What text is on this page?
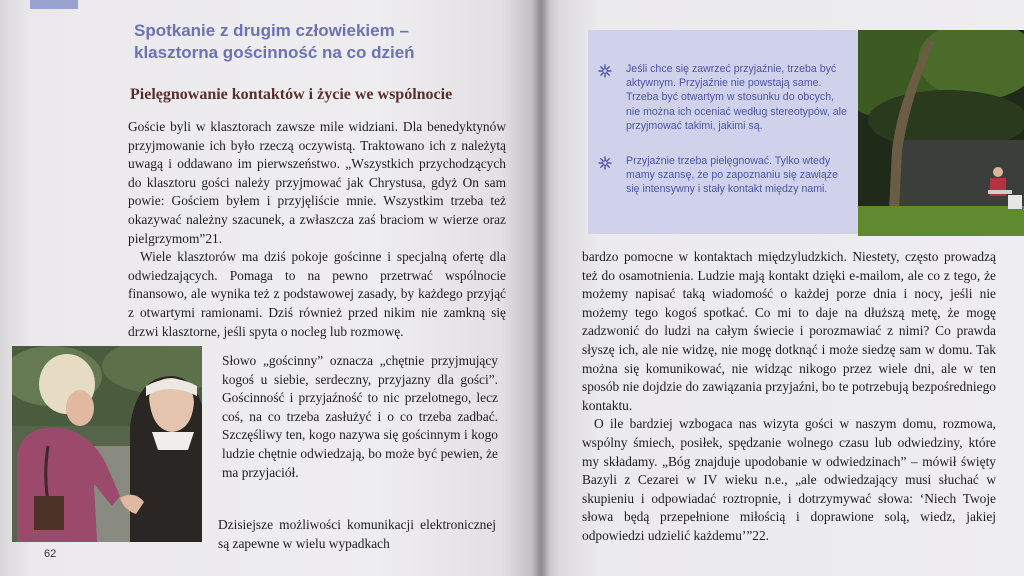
Spotkanie z drugim człowiekiem –
klasztorna gościnność na co dzień
Pielęgnowanie kontaktów i życie we wspólnocie

Goście byli w klasztorach zawsze mile widziani. Dla benedyktynów przyjmowanie ich było rzeczą oczywistą. Traktowano ich z należytą uwagą i oddawano im pierwszeństwo. „Wszystkich przychodzących do klasztoru gości należy przyjmować jak Chrystusa, gdyż On sam powie: Gościem byłem i przyjęliście mnie. Wszystkim trzeba też okazywać należny szacunek, a zwłaszcza zaś braciom w wierze oraz pielgrzymom”21.

Wiele klasztorów ma dziś pokoje gościnne i specjalną ofertę dla odwiedzających. Pomaga to na pewno przetrwać wspólnocie finansowo, ale wynika też z podstawowej zasady, by każdego przyjąć z otwartymi ramionami. Dziś również przed nikim nie zamkną się drzwi klasztorne, jeśli spyta o nocleg lub rozmowę.

Słowo „gościnny” oznacza „chętnie przyjmujący kogoś u siebie, serdeczny, przyjazny dla gości”. Gościnność i przyjaźność to nic przelotnego, lecz coś, na co trzeba zasłużyć i o co trzeba zadbać. Szczęśliwy ten, kogo nazywa się gościnnym i kogo ludzie chętnie odwiedzają, bo może być pewien, że ma przyjaciół.

Dzisiejsze możliwości komunikacji elektronicznej są zapewne w wielu wypadkach

62
Jeśli chce się zawrzeć przyjaźnie, trzeba być aktywnym. Przyjaźnie nie powstają same. Trzeba być otwartym w stosunku do obcych, nie można ich oceniać według stereotypów, ale przyjmować takimi, jakimi są.
Przyjaźnie trzeba pielęgnować. Tylko wtedy mamy szansę, że po zapoznaniu się zawiąże się intensywny i stały kontakt między nami.

bardzo pomocne w kontaktach międzyludzkich. Niestety, często prowadzą też do osamotnienia. Ludzie mają kontakt dzięki e-mailom, ale co z tego, że możemy napisać taką wiadomość o każdej porze dnia i nocy, jeśli nie możemy tego kogoś spotkać. Co mi to daje na dłuższą metę, że mogę zadzwonić do ludzi na całym świecie i porozmawiać z nimi? Co prawda słyszę ich, ale nie widzę, nie mogę dotknąć i może siedzę sam w domu. Tak można się komunikować, nie widząc nikogo przez wiele dni, ale w ten sposób nie dojdzie do zawiązania przyjaźni, bo te potrzebują bezpośredniego kontaktu.

O ile bardziej wzbogaca nas wizyta gości w naszym domu, rozmowa, wspólny śmiech, posiłek, spędzanie wolnego czasu lub odwiedziny, które my składamy. „Bóg znajduje upodobanie w odwiedzinach” – mówił święty Bazyli z Cezarei w IV wieku n.e., „ale odwiedzający musi słuchać w skupieniu i odpowiadać roztropnie, i dotrzymywać słowa: ‘Niech Twoje słowa będą przepełnione miłością i doprawione solą, wiedz, jakiej odpowiedzi udzielić każdemu’”22.
